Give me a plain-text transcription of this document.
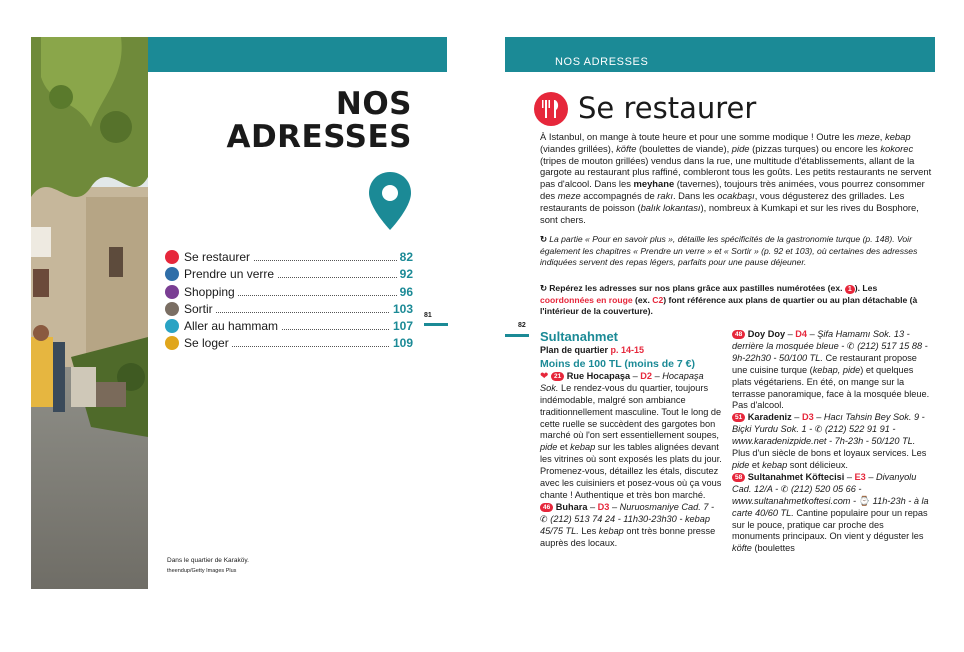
NOS
ADRESSES
Se restaurer	82
Prendre un verre	92
Shopping	96
Sortir	103
Aller au hammam	107
Se loger	109
81
Dans le quartier de Karaköy.
theendup/Getty Images Plus
NOS ADRESSES
Se restaurer
À Istanbul, on mange à toute heure et pour une somme modique ! Outre les meze, kebap (viandes grillées), köfte (boulettes de viande), pide (pizzas turques) ou encore les kokorec (tripes de mouton grillées) vendus dans la rue, une multitude d'établissements, allant de la gargote au restaurant plus raffiné, combleront tous les goûts. Les petits restaurants ne servent pas d'alcool. Dans les meyhane (tavernes), toujours très animées, vous pourrez consommer des meze accompagnés de rakı. Dans les ocakbaşı, vous dégusterez des grillades. Les restaurants de poisson (balık lokantası), nombreux à Kumkapi et sur les rives du Bosphore, sont chers.
↻ La partie « Pour en savoir plus », détaille les spécificités de la gastronomie turque (p. 148). Voir également les chapitres « Prendre un verre » et « Sortir » (p. 92 et 103), où certaines des adresses indiquées servent des repas légers, parfaits pour une pause déjeuner.
↻ Repérez les adresses sur nos plans grâce aux pastilles numérotées (ex. 1 ). Les coordonnées en rouge (ex. C2) font référence aux plans de quartier ou au plan détachable (à l'intérieur de la couverture).
82
Sultanahmet
Plan de quartier p. 14-15
Moins de 100 TL (moins de 7 €)
❤ 21 Rue Hocapaşa – D2 – Hocapaşa Sok. Le rendez-vous du quartier, toujours indémodable, malgré son ambiance traditionnellement masculine. Tout le long de cette ruelle se succèdent des gargotes bon marché où l'on sert essentiellement soupes, pide et kebap sur les tables alignées devant les vitrines où sont exposés les plats du jour. Promenez-vous, détaillez les étals, discutez avec les cuisiniers et posez-vous où ça vous chante ! Authentique et très bon marché.
46 Buhara – D3 – Nuruosmaniye Cad. 7 - ✆ (212) 513 74 24 - 11h30-23h30 - kebap 45/75 TL. Les kebap ont très bonne presse auprès des locaux.
48 Doy Doy – D4 – Şifa Hamamı Sok. 13 - derrière la mosquée bleue - ✆ (212) 517 15 88 - 9h-22h30 - 50/100 TL. Ce restaurant propose une cuisine turque (kebap, pide) et quelques plats végétariens. En été, on mange sur la terrasse panoramique, face à la mosquée bleue. Pas d'alcool.
51 Karadeniz – D3 – Hacı Tahsin Bey Sok. 9 - Biçki Yurdu Sok. 1 - ✆ (212) 522 91 91 - www.karadenizpide.net - 7h-23h - 50/120 TL. Plus d'un siècle de bons et loyaux services. Les pide et kebap sont délicieux.
58 Sultanahmet Köftecisi – E3 – Divanyolu Cad. 12/A - ✆ (212) 520 05 66 - www.sultanahmetkoftesi.com - ⌚ 11h-23h - à la carte 40/60 TL. Cantine populaire pour un repas sur le pouce, pratique car proche des monuments principaux. On vient y déguster les köfte (boulettes
